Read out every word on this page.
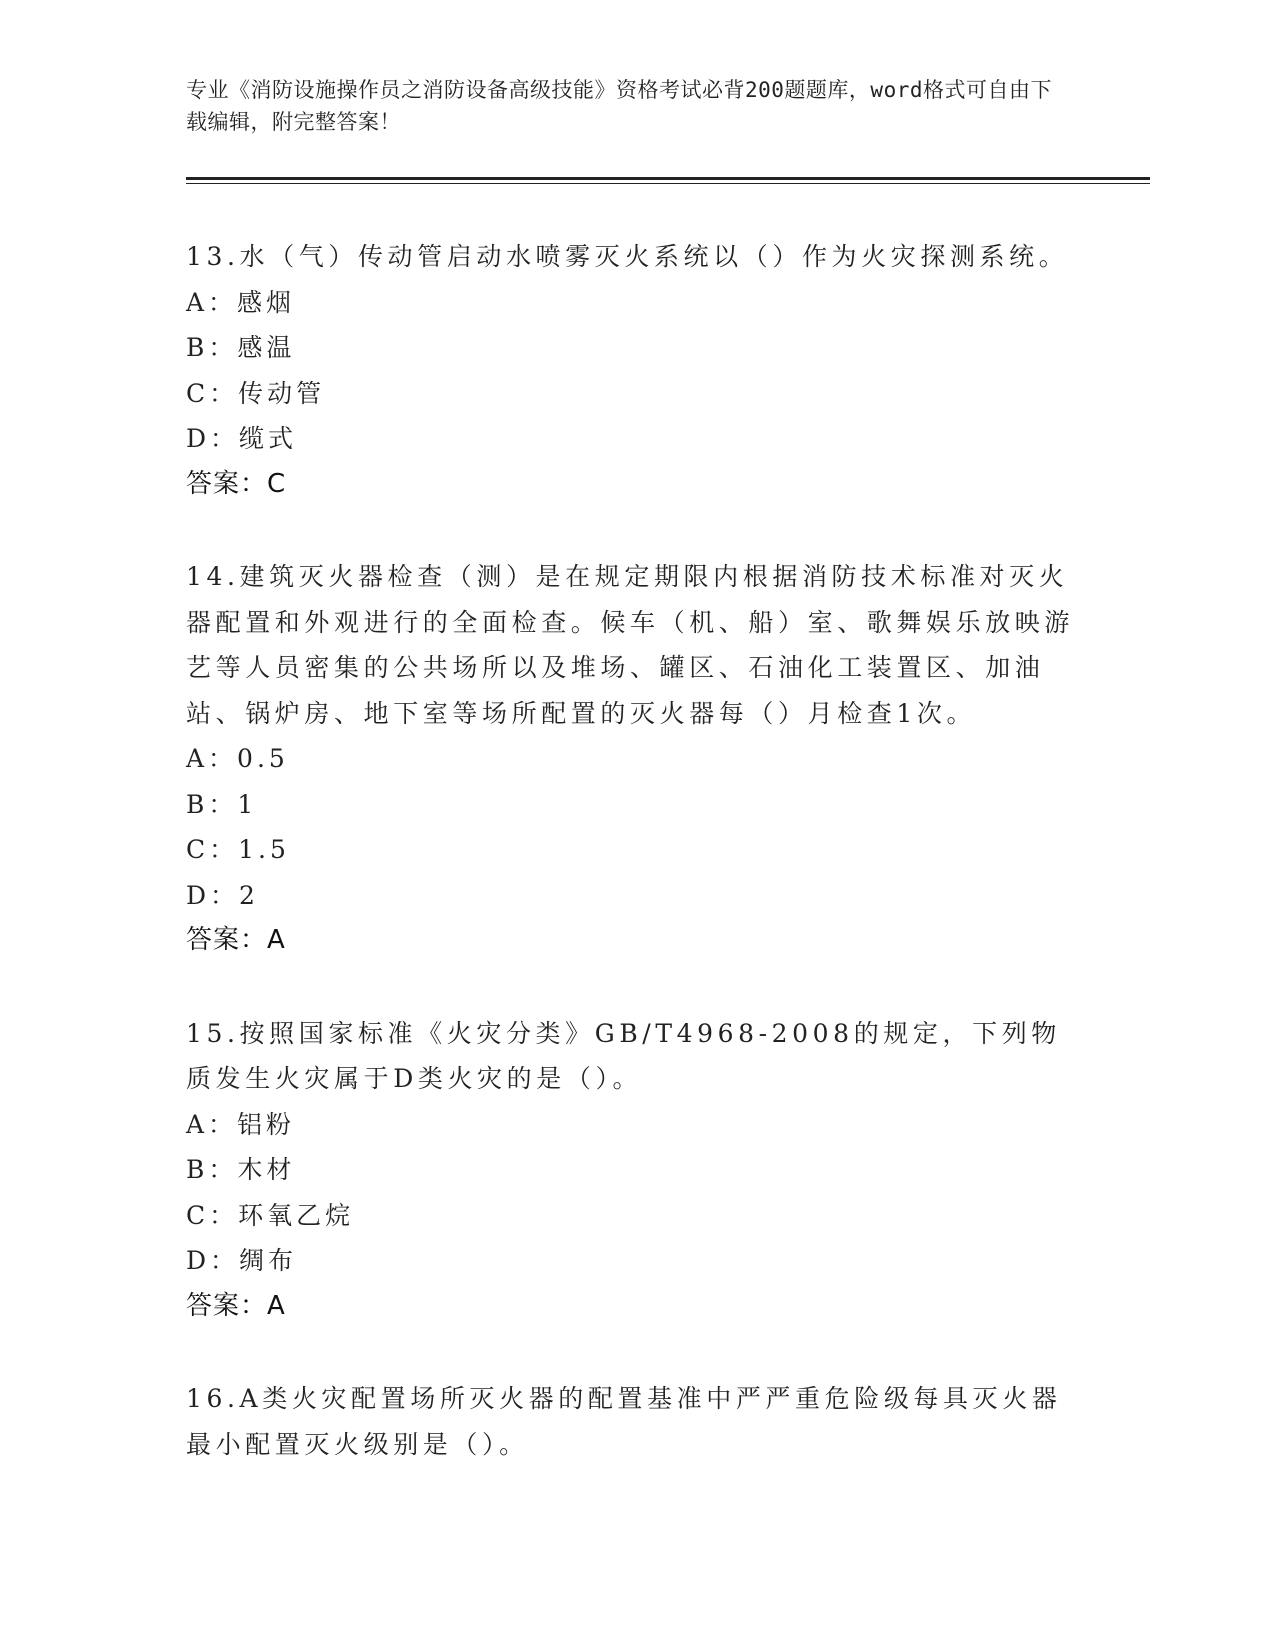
专业《消防设施操作员之消防设备高级技能》资格考试必背200题题库，word格式可自由下载编辑，附完整答案！
13.水（气）传动管启动水喷雾灭火系统以（）作为火灾探测系统。
A：感烟
B：感温
C：传动管
D：缆式
答案：C
14.建筑灭火器检查（测）是在规定期限内根据消防技术标准对灭火器配置和外观进行的全面检查。候车（机、船）室、歌舞娱乐放映游艺等人员密集的公共场所以及堆场、罐区、石油化工装置区、加油站、锅炉房、地下室等场所配置的灭火器每（）月检查1次。
A：0.5
B：1
C：1.5
D：2
答案：A
15.按照国家标准《火灾分类》GB/T4968-2008的规定，下列物质发生火灾属于D类火灾的是（）。
A：铝粉
B：木材
C：环氧乙烷
D：绸布
答案：A
16.A类火灾配置场所灭火器的配置基准中严严重危险级每具灭火器最小配置灭火级别是（）。
